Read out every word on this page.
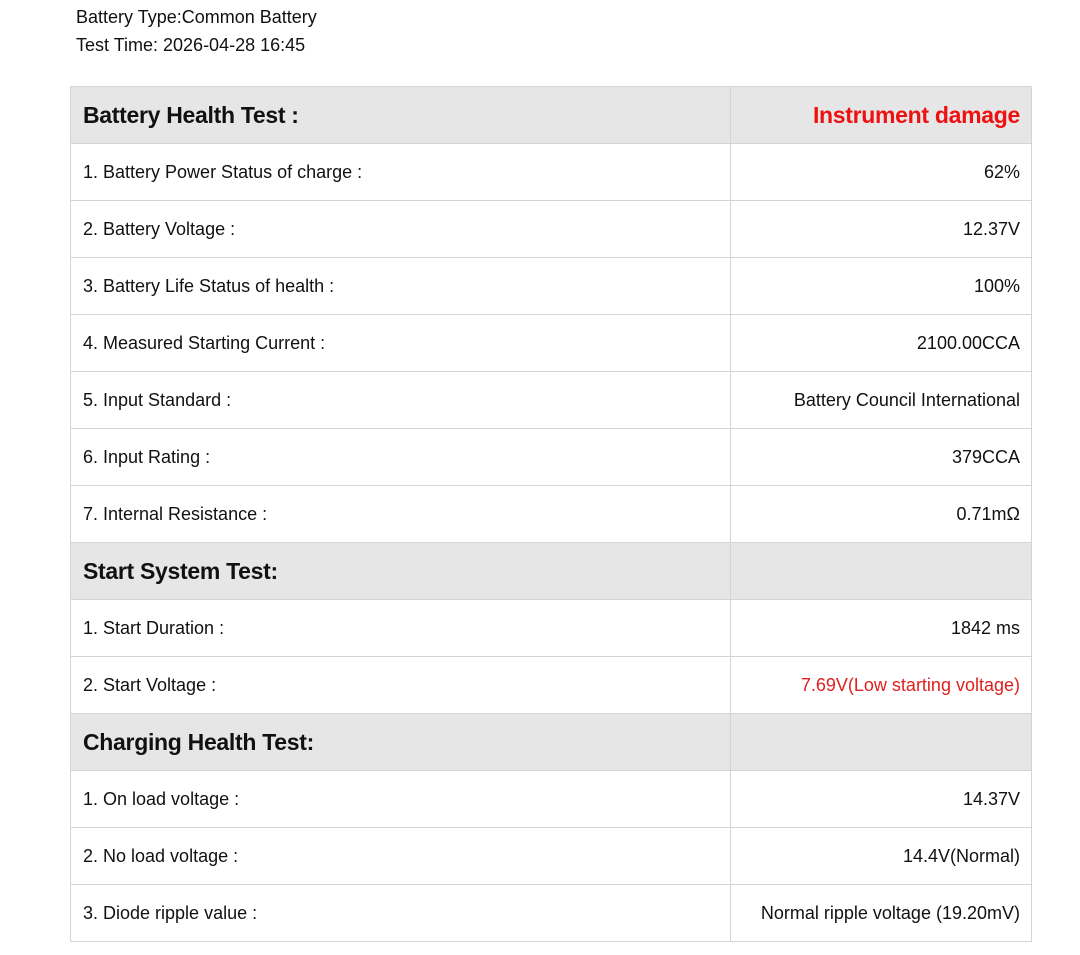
Battery Type:Common Battery
Test Time: 2026-04-28 16:45
Battery Health Test :	Instrument damage
1. Battery Power Status of charge :	62%
2. Battery Voltage :	12.37V
3. Battery Life Status of health :	100%
4. Measured Starting Current :	2100.00CCA
5. Input Standard :	Battery Council International
6. Input Rating :	379CCA
7. Internal Resistance :	0.71mΩ
Start System Test:	
1. Start Duration :	1842 ms
2. Start Voltage :	7.69V(Low starting voltage)
Charging Health Test:	
1. On load voltage :	14.37V
2. No load voltage :	14.4V(Normal)
3. Diode ripple value :	Normal ripple voltage (19.20mV)
